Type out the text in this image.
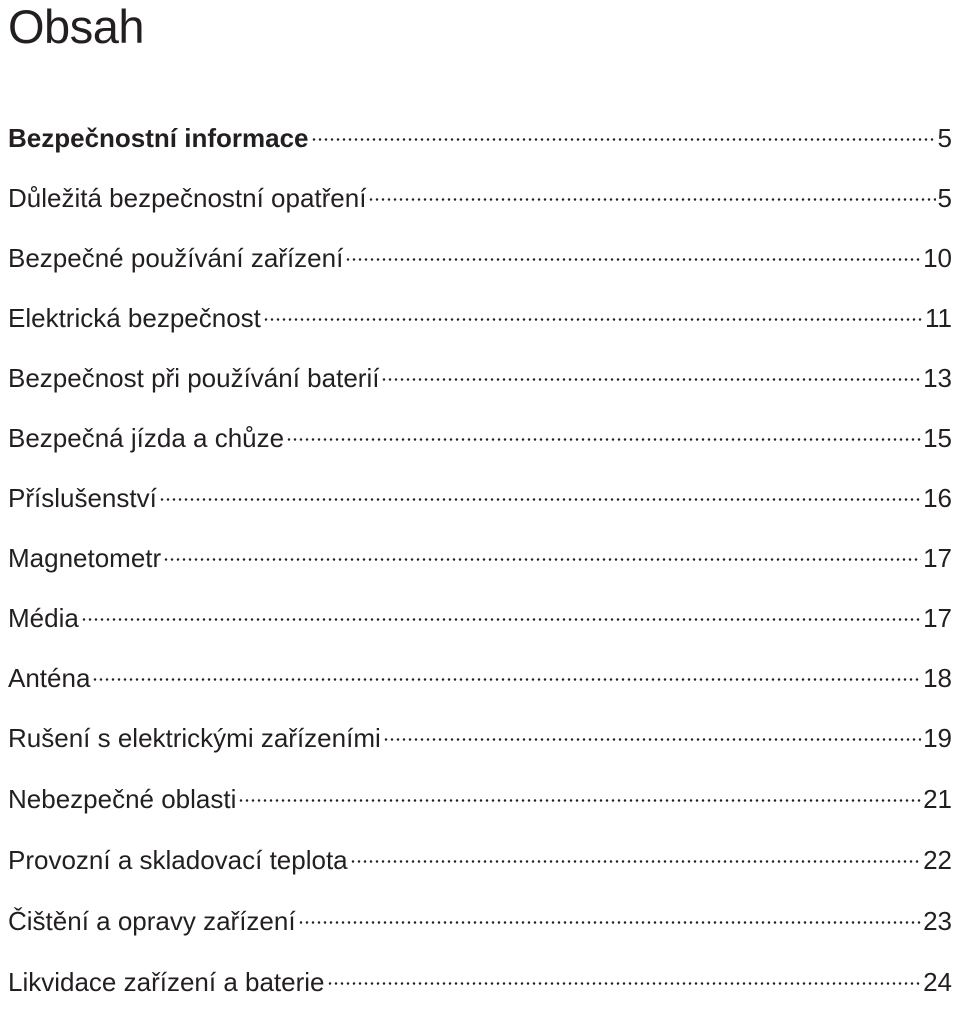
Obsah
Bezpečnostní informace	5
Důležitá bezpečnostní opatření	5
Bezpečné používání zařízení	10
Elektrická bezpečnost	11
Bezpečnost při používání baterií	13
Bezpečná jízda a chůze	15
Příslušenství	16
Magnetometr	17
Média	17
Anténa	18
Rušení s elektrickými zařízeními	19
Nebezpečné oblasti	21
Provozní a skladovací teplota	22
Čištění a opravy zařízení	23
Likvidace zařízení a baterie	24
